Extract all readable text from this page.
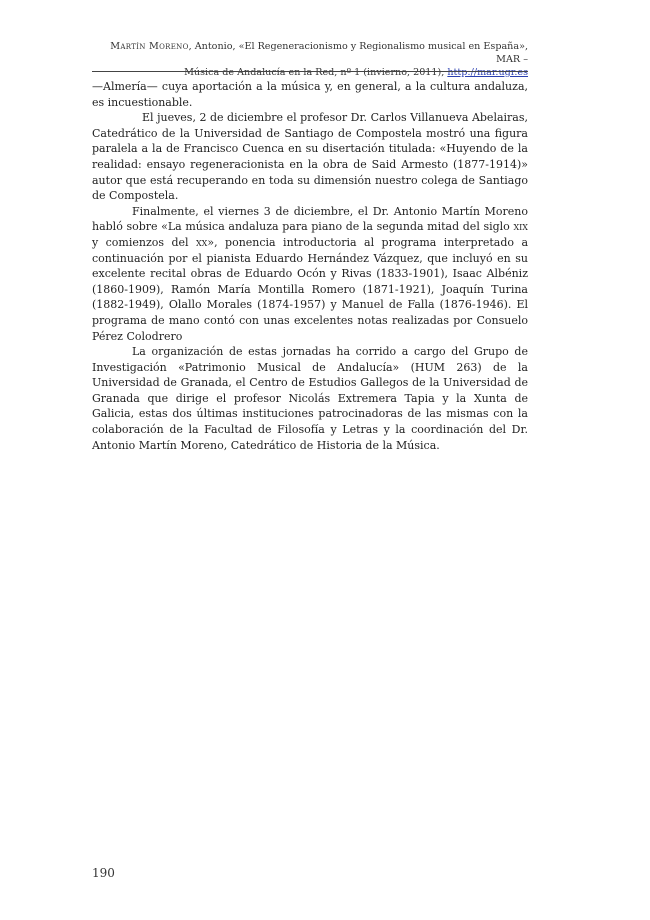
Martín Moreno, Antonio, «El Regeneracionismo y Regionalismo musical en España», MAR –
Música de Andalucía en la Red, nº 1 (invierno, 2011), http://mar.ugr.es

—Almería— cuya aportación a la música y, en general, a la cultura andaluza, es incuestionable.

El jueves, 2 de diciembre el profesor Dr. Carlos Villanueva Abelairas, Catedrático de la Universidad de Santiago de Compostela mostró una figura paralela a la de Francisco Cuenca en su disertación titulada: «Huyendo de la realidad: ensayo regeneracionista en la obra de Said Armesto (1877-1914)» autor que está recuperando en toda su dimensión nuestro colega de Santiago de Compostela.

Finalmente, el viernes 3 de diciembre, el Dr. Antonio Martín Moreno habló sobre «La música andaluza para piano de la segunda mitad del siglo xix y comienzos del xx», ponencia introductoria al programa interpretado a continuación por el pianista Eduardo Hernández Vázquez, que incluyó en su excelente recital obras de Eduardo Ocón y Rivas (1833-1901), Isaac Albéniz (1860-1909), Ramón María Montilla Romero (1871-1921), Joaquín Turina (1882-1949), Olallo Morales (1874-1957) y Manuel de Falla (1876-1946). El programa de mano contó con unas excelentes notas realizadas por Consuelo Pérez Colodrero

La organización de estas jornadas ha corrido a cargo del Grupo de Investigación «Patrimonio Musical de Andalucía» (HUM 263) de la Universidad de Granada, el Centro de Estudios Gallegos de la Universidad de Granada que dirige el profesor Nicolás Extremera Tapia y la Xunta de Galicia, estas dos últimas instituciones patrocinadoras de las mismas con la colaboración de la Facultad de Filosofía y Letras y la coordinación del Dr. Antonio Martín Moreno, Catedrático de Historia de la Música.

190
